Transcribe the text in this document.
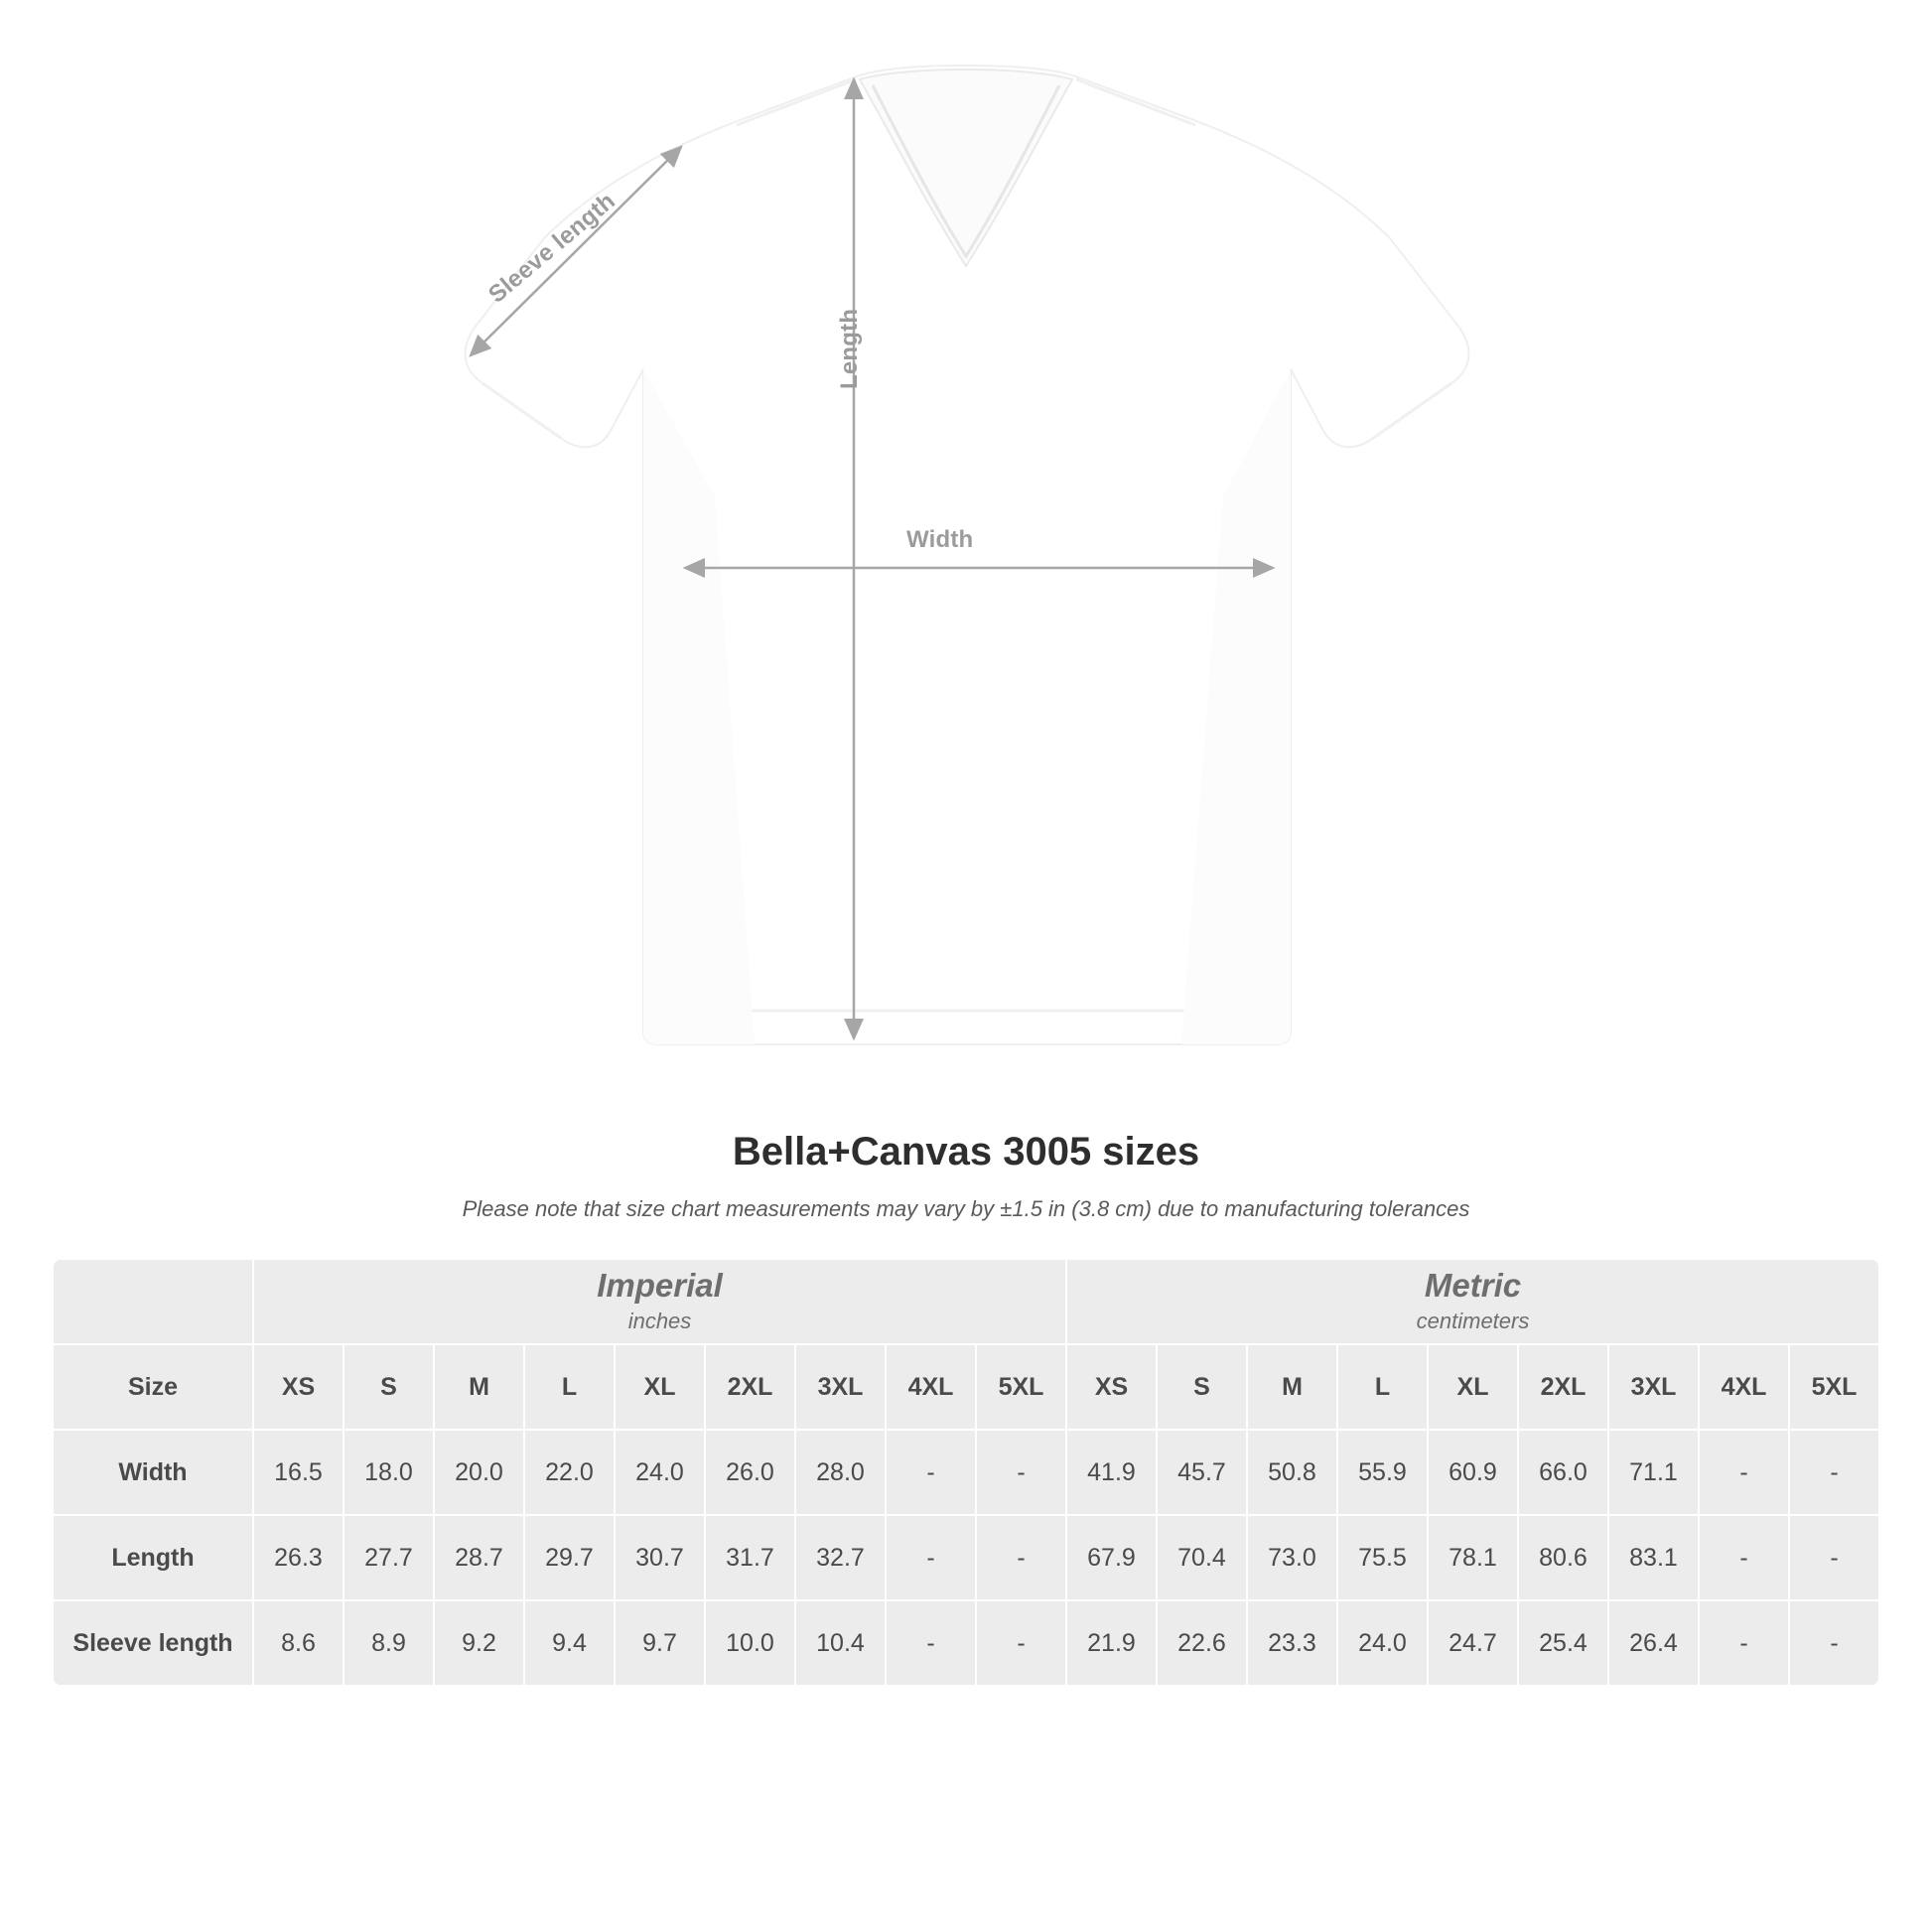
Width
Length
Sleeve length
Bella+Canvas 3005 sizes

Please note that size chart measurements may vary by ±1.5 in (3.8 cm) due to manufacturing tolerances

Imperial
inches

Metric
centimeters

Size	XS	S	M	L	XL	2XL	3XL	4XL	5XL	XS	S	M	L	XL	2XL	3XL	4XL	5XL
Width	16.5	18.0	20.0	22.0	24.0	26.0	28.0	-	-	41.9	45.7	50.8	55.9	60.9	66.0	71.1	-	-
Length	26.3	27.7	28.7	29.7	30.7	31.7	32.7	-	-	67.9	70.4	73.0	75.5	78.1	80.6	83.1	-	-
Sleeve length	8.6	8.9	9.2	9.4	9.7	10.0	10.4	-	-	21.9	22.6	23.3	24.0	24.7	25.4	26.4	-	-
